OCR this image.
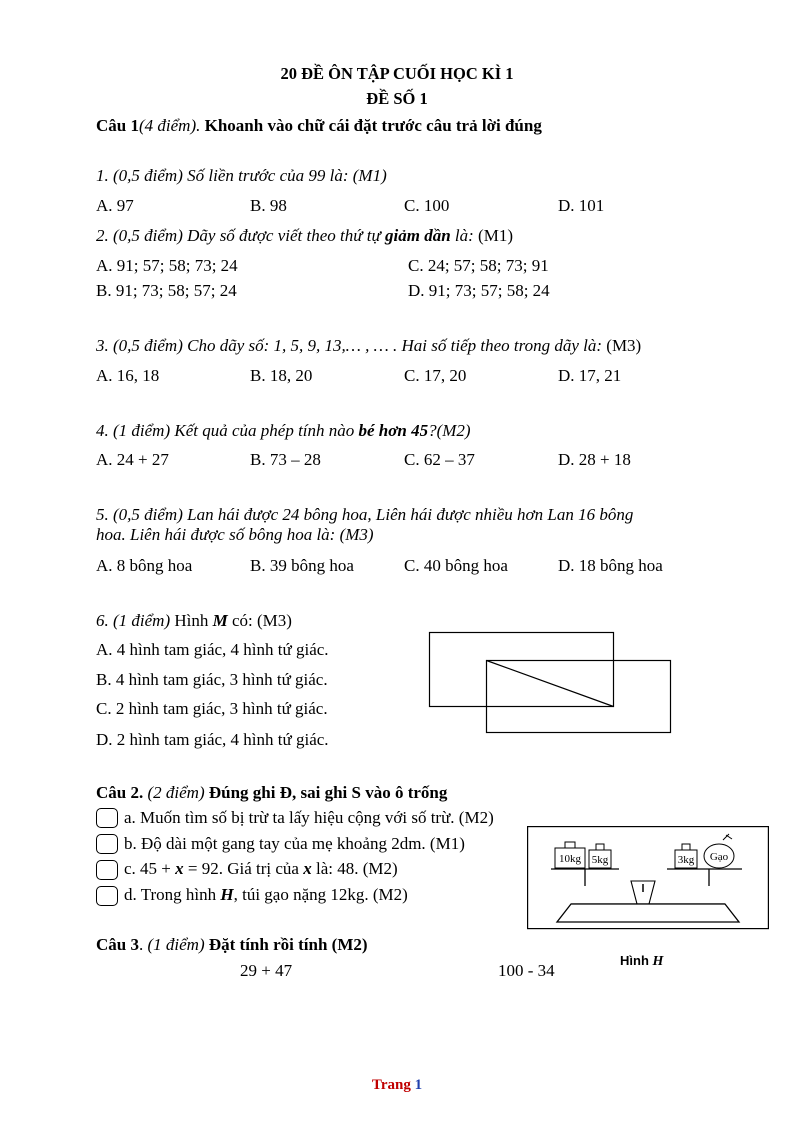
20 ĐỀ ÔN TẬP CUỐI HỌC KÌ 1
ĐỀ SỐ 1
Câu 1(4 điểm). Khoanh vào chữ cái đặt trước câu trả lời đúng
1. (0,5 điểm) Số liền trước của 99 là: (M1)
A. 97	B. 98	C. 100	D. 101
2. (0,5 điểm) Dãy số được viết theo thứ tự giảm dần là: (M1)
A. 91; 57; 58; 73; 24	C. 24; 57; 58; 73; 91
B. 91; 73; 58; 57; 24	D. 91; 73; 57; 58; 24
3. (0,5 điểm) Cho dãy số: 1, 5, 9, 13,… , … . Hai số tiếp theo trong dãy là: (M3)
A. 16, 18	B. 18, 20	C. 17, 20	D. 17, 21
4. (1 điểm) Kết quả của phép tính nào bé hơn 45?(M2)
A. 24 + 27	B. 73 – 28	C. 62 – 37	D. 28 + 18
5. (0,5 điểm) Lan hái được 24 bông hoa, Liên hái được nhiều hơn Lan 16 bông
hoa. Liên hái được số bông hoa là: (M3)
A. 8 bông hoa	B. 39 bông hoa	C. 40 bông hoa	D. 18 bông hoa
6. (1 điểm) Hình M có: (M3)
A. 4 hình tam giác, 4 hình tứ giác.
B. 4 hình tam giác, 3 hình tứ giác.
C. 2 hình tam giác, 3 hình tứ giác.
D. 2 hình tam giác, 4 hình tứ giác.
Câu 2. (2 điểm) Đúng ghi Đ, sai ghi S vào ô trống
a. Muốn tìm số bị trừ ta lấy hiệu cộng với số trừ. (M2)
b. Độ dài một gang tay của mẹ khoảng 2dm. (M1)
c. 45 + x = 92. Giá trị của x là: 48. (M2)
d. Trong hình H, túi gạo nặng 12kg. (M2)
10kg 5kg	3kg Gạo
Hình H
Câu 3. (1 điểm) Đặt tính rồi tính (M2)
29 + 47	100 - 34
Trang 1
